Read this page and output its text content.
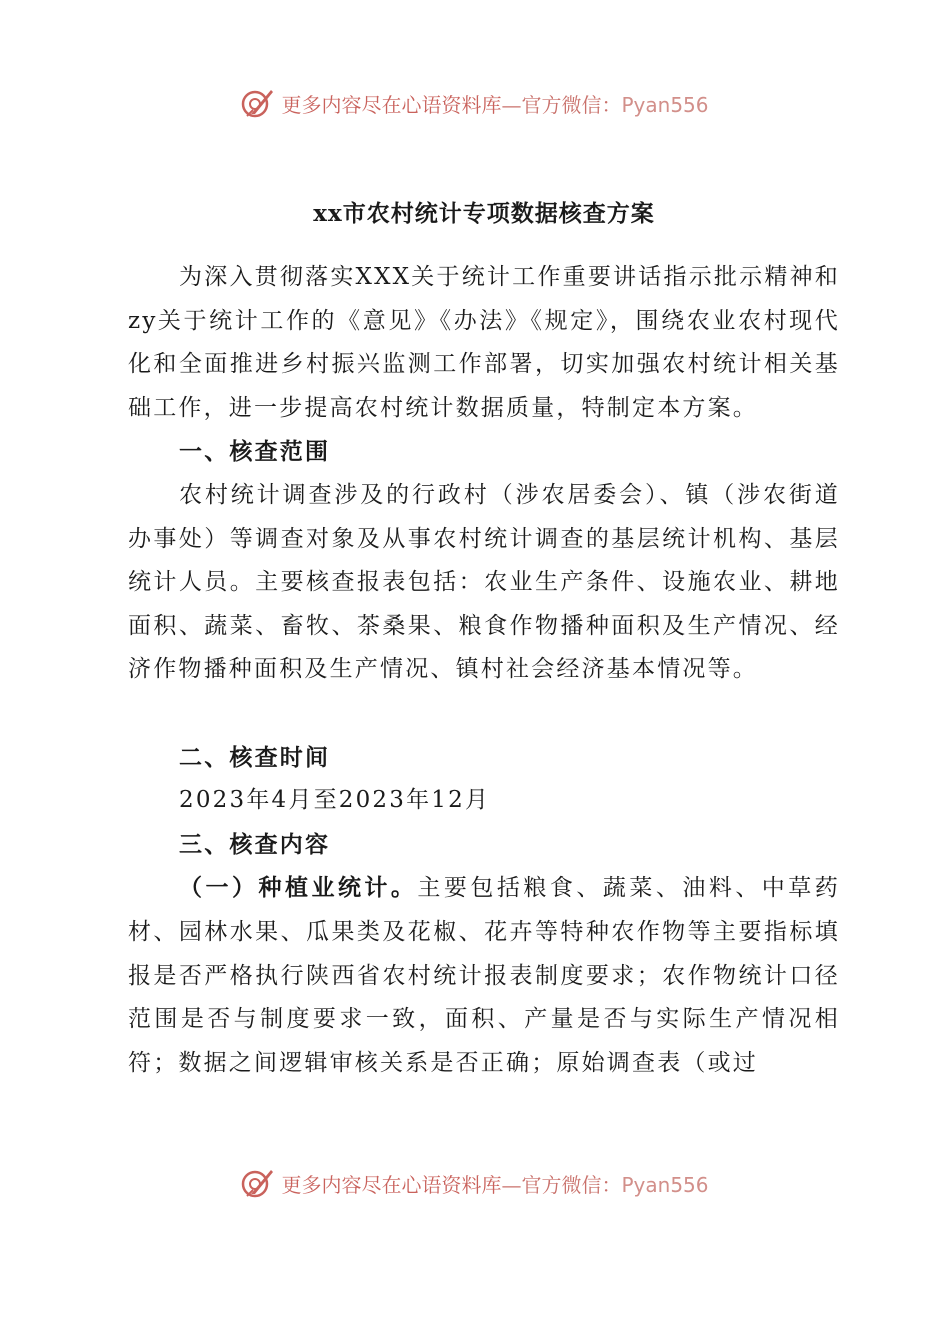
更多内容尽在心语资料库—官方微信：Pyan556
xx市农村统计专项数据核查方案

为深入贯彻落实XXX关于统计工作重要讲话指示批示精神和zy关于统计工作的《意见》《办法》《规定》，围绕农业农村现代化和全面推进乡村振兴监测工作部署，切实加强农村统计相关基础工作，进一步提高农村统计数据质量，特制定本方案。

一、核查范围

农村统计调查涉及的行政村（涉农居委会）、镇（涉农街道办事处）等调查对象及从事农村统计调查的基层统计机构、基层统计人员。主要核查报表包括：农业生产条件、设施农业、耕地面积、蔬菜、畜牧、茶桑果、粮食作物播种面积及生产情况、经济作物播种面积及生产情况、镇村社会经济基本情况等。

二、核查时间

2023年4月至2023年12月

三、核查内容

（一）种植业统计。主要包括粮食、蔬菜、油料、中草药材、园林水果、瓜果类及花椒、花卉等特种农作物等主要指标填报是否严格执行陕西省农村统计报表制度要求；农作物统计口径范围是否与制度要求一致，面积、产量是否与实际生产情况相符；数据之间逻辑审核关系是否正确；原始调查表（或过

更多内容尽在心语资料库—官方微信：Pyan556
